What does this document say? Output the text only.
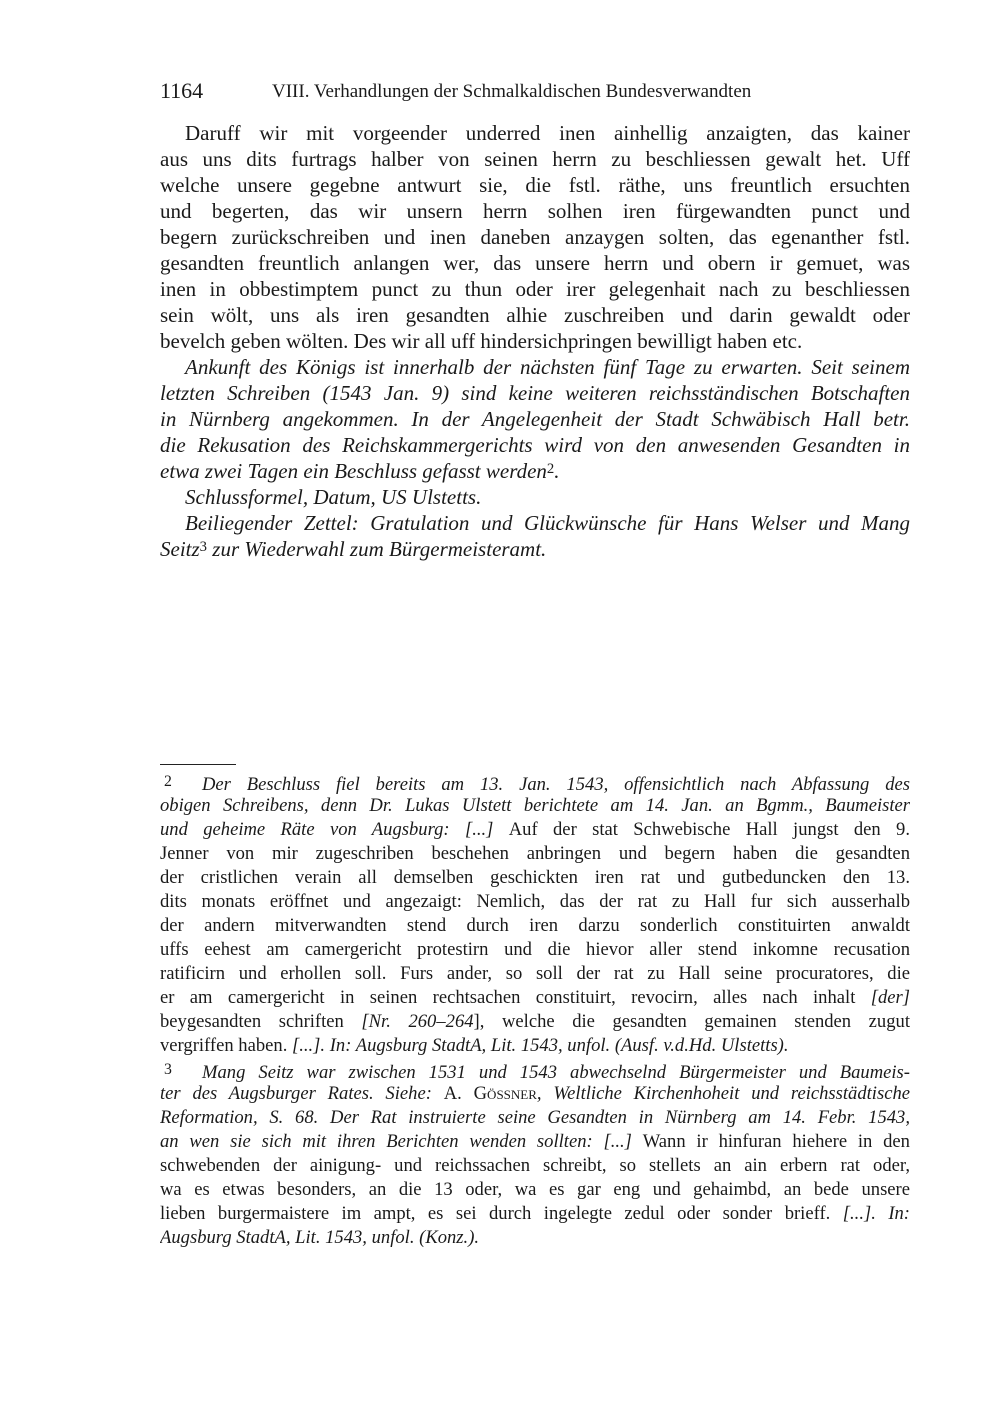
1164	VIII. Verhandlungen der Schmalkaldischen Bundesverwandten
Daruff wir mit vorgeender underred inen ainhellig anzaigten, das kainer
aus uns dits furtrags halber von seinen herrn zu beschliessen gewalt het. Uff
welche unsere gegebne antwurt sie, die fstl. räthe, uns freuntlich ersuchten
und begerten, das wir unsern herrn solhen iren fürgewandten punct und
begern zurückschreiben und inen daneben anzaygen solten, das egenanther fstl.
gesandten freuntlich anlangen wer, das unsere herrn und obern ir gemuet, was
inen in obbestimptem punct zu thun oder irer gelegenhait nach zu beschliessen
sein wölt, uns als iren gesandten alhie zuschreiben und darin gewaldt oder
bevelch geben wölten. Des wir all uff hindersichpringen bewilligt haben etc.
Ankunft des Königs ist innerhalb der nächsten fünf Tage zu erwarten. Seit seinem
letzten Schreiben (1543 Jan. 9) sind keine weiteren reichsständischen Botschaften
in Nürnberg angekommen. In der Angelegenheit der Stadt Schwäbisch Hall betr.
die Rekusation des Reichskammergerichts wird von den anwesenden Gesandten in
etwa zwei Tagen ein Beschluss gefasst werden$^2$.
Schlussformel, Datum, US Ulstetts.
Beiliegender Zettel: Gratulation und Glückwünsche für Hans Welser und Mang
Seitz$^3$ zur Wiederwahl zum Bürgermeisteramt.
2 Der Beschluss fiel bereits am 13. Jan. 1543, offensichtlich nach Abfassung des
obigen Schreibens, denn Dr. Lukas Ulstett berichtete am 14. Jan. an Bgmm., Baumeister
und geheime Räte von Augsburg: [...] Auf der stat Schwebische Hall jungst den 9.
Jenner von mir zugeschriben beschehen anbringen und begern haben die gesandten
der cristlichen verain all demselben geschickten iren rat und gutbeduncken den 13.
dits monats eröffnet und angezaigt: Nemlich, das der rat zu Hall fur sich ausserhalb
der andern mitverwandten stend durch iren darzu sonderlich constituirten anwaldt
uffs eehest am camergericht protestirn und die hievor aller stend inkomne recusation
ratificirn und erhollen soll. Furs ander, so soll der rat zu Hall seine procuratores, die
er am camergericht in seinen rechtsachen constituirt, revocirn, alles nach inhalt [der]
beygesandten schriften [Nr. 260–264], welche die gesandten gemainen stenden zugut
vergriffen haben. [...]. In: Augsburg StadtA, Lit. 1543, unfol. (Ausf. v.d.Hd. Ulstetts).
3 Mang Seitz war zwischen 1531 und 1543 abwechselnd Bürgermeister und Baumeis-
ter des Augsburger Rates. Siehe: A. Gößner, Weltliche Kirchenhoheit und reichsstädtische
Reformation, S. 68. Der Rat instruierte seine Gesandten in Nürnberg am 14. Febr. 1543,
an wen sie sich mit ihren Berichten wenden sollten: [...] Wann ir hinfuran hiehere in den
schwebenden der ainigung- und reichssachen schreibt, so stellets an ain erbern rat oder,
wa es etwas besonders, an die 13 oder, wa es gar eng und gehaimbd, an bede unsere
lieben burgermaistere im ampt, es sei durch ingelegte zedul oder sonder brieff. [...]. In:
Augsburg StadtA, Lit. 1543, unfol. (Konz.).
